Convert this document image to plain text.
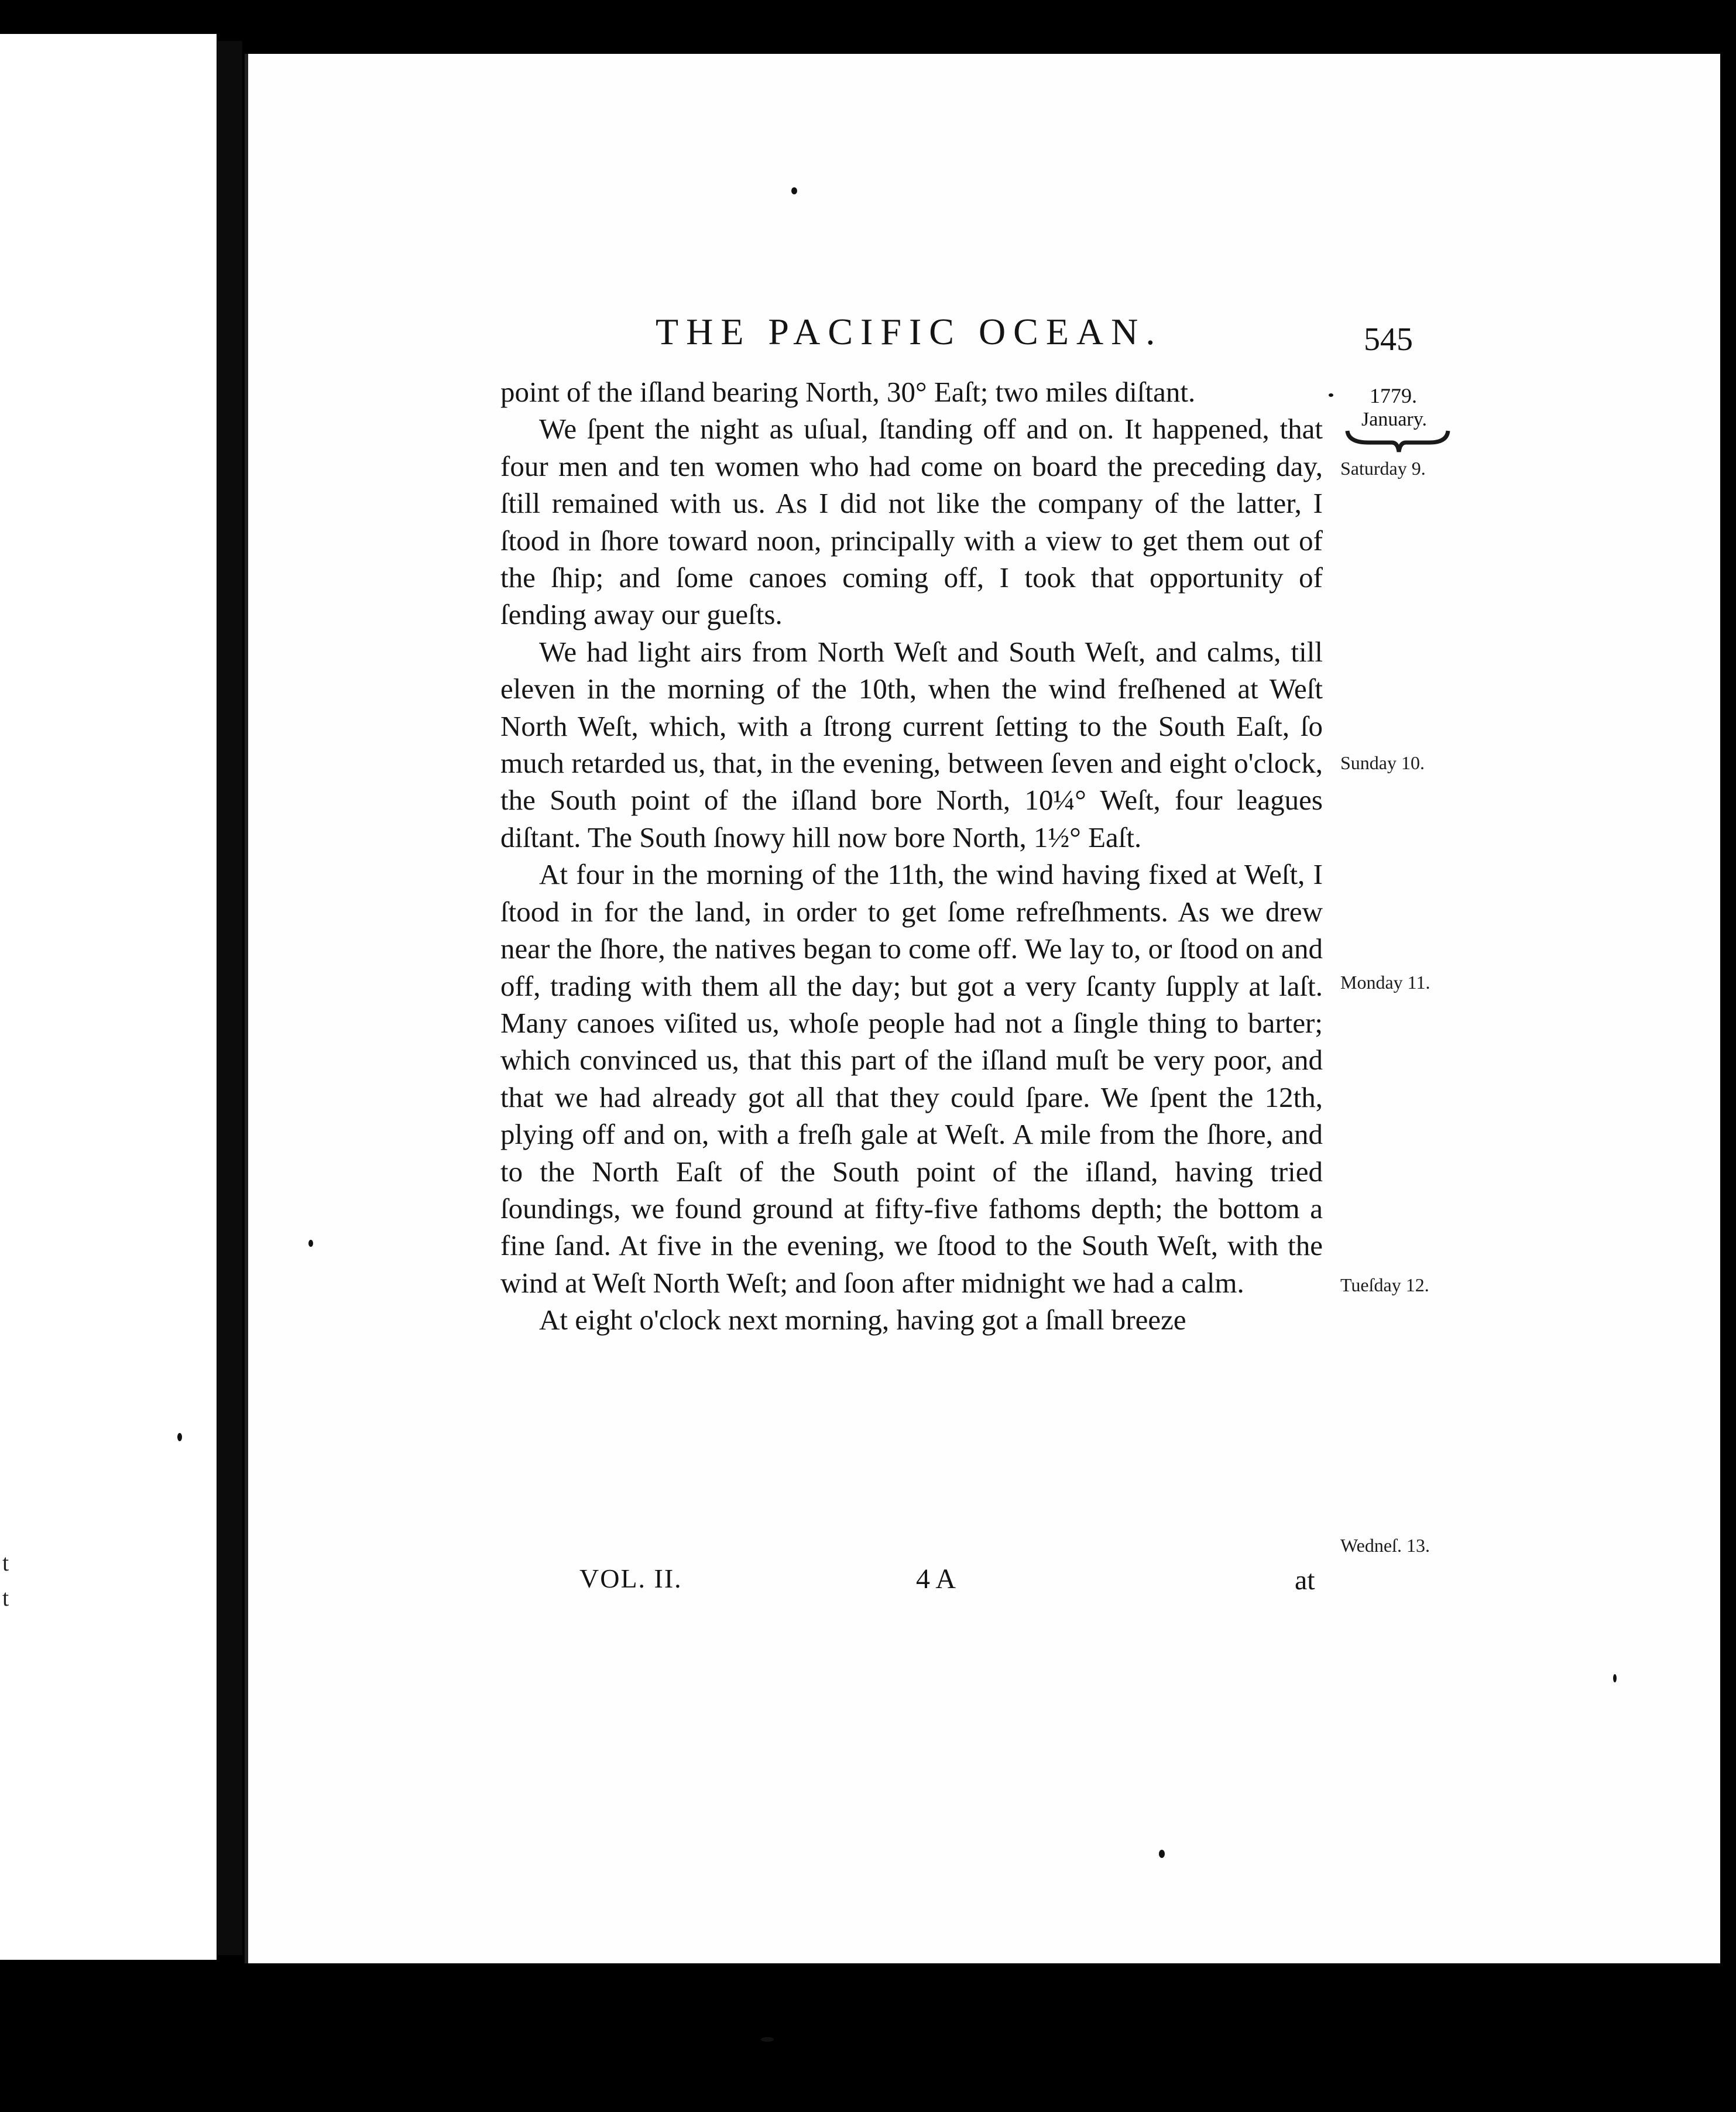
t
t
THE PACIFIC OCEAN.	545
1779.
January.

point of the iſland bearing North, 30° Eaſt; two miles diſtant.

We ſpent the night as uſual, ſtanding off and on. It happened, that four men and ten women who had come on board the preceding day, ſtill remained with us. As I did not like the company of the latter, I ſtood in ſhore toward noon, principally with a view to get them out of the ſhip; and ſome canoes coming off, I took that opportunity of ſending away our gueſts.

We had light airs from North Weſt and South Weſt, and calms, till eleven in the morning of the 10th, when the wind freſhened at Weſt North Weſt, which, with a ſtrong current ſetting to the South Eaſt, ſo much retarded us, that, in the evening, between ſeven and eight o'clock, the South point of the iſland bore North, 10¼° Weſt, four leagues diſtant. The South ſnowy hill now bore North, 1½° Eaſt.

At four in the morning of the 11th, the wind having fixed at Weſt, I ſtood in for the land, in order to get ſome refreſhments. As we drew near the ſhore, the natives began to come off. We lay to, or ſtood on and off, trading with them all the day; but got a very ſcanty ſupply at laſt. Many canoes viſited us, whoſe people had not a ſingle thing to barter; which convinced us, that this part of the iſland muſt be very poor, and that we had already got all that they could ſpare. We ſpent the 12th, plying off and on, with a freſh gale at Weſt. A mile from the ſhore, and to the North Eaſt of the South point of the iſland, having tried ſoundings, we found ground at fifty-five fathoms depth; the bottom a fine ſand. At five in the evening, we ſtood to the South Weſt, with the wind at Weſt North Weſt; and ſoon after midnight we had a calm.

At eight o'clock next morning, having got a ſmall breeze

Saturday 9.
Sunday 10.
Monday 11.
Tueſday 12.
Wedneſ. 13.
VOL. II.	4 A	at
